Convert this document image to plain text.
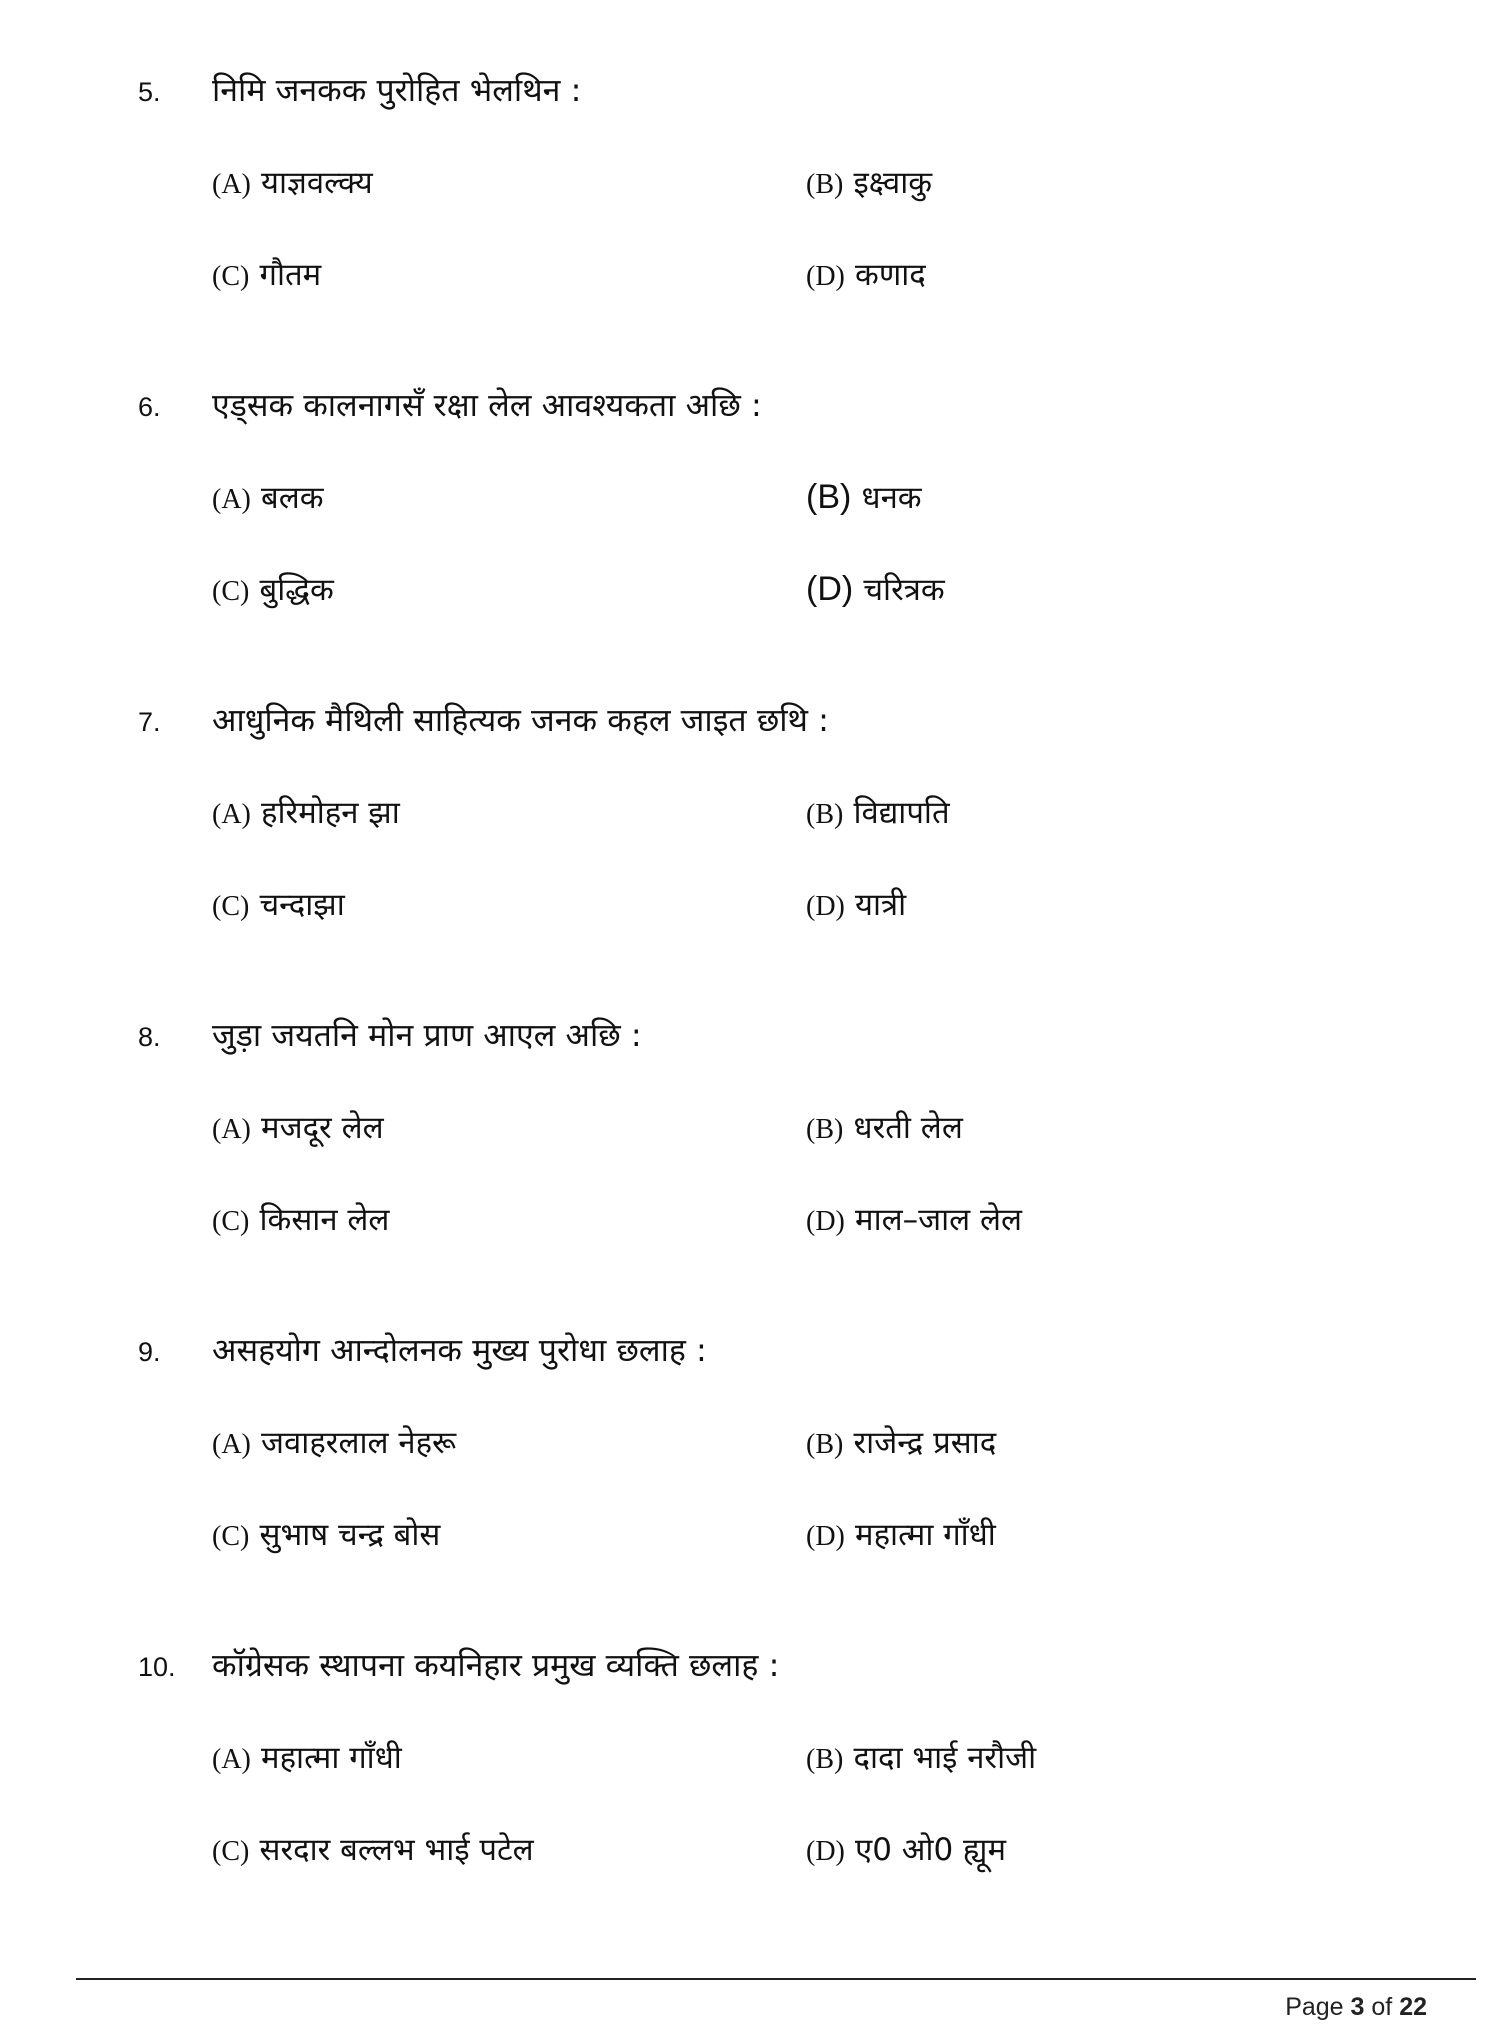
5. निमि जनकक पुरोहित भेलथिन :
(A) याज्ञवल्क्य	(B) इक्ष्वाकु
(C) गौतम	(D) कणाद
6. एड्सक कालनागसँ रक्षा लेल आवश्यकता अछि :
(A) बलक	(B) धनक
(C) बुद्धिक	(D) चरित्रक
7. आधुनिक मैथिली साहित्यक जनक कहल जाइत छथि :
(A) हरिमोहन झा	(B) विद्यापति
(C) चन्दाझा	(D) यात्री
8. जुड़ा जयतनि मोन प्राण आएल अछि :
(A) मजदूर लेल	(B) धरती लेल
(C) किसान लेल	(D) माल–जाल लेल
9. असहयोग आन्दोलनक मुख्य पुरोधा छलाह :
(A) जवाहरलाल नेहरू	(B) राजेन्द्र प्रसाद
(C) सुभाष चन्द्र बोस	(D) महात्मा गाँधी
10. कॉग्रेसक स्थापना कयनिहार प्रमुख व्यक्ति छलाह :
(A) महात्मा गाँधी	(B) दादा भाई नरौजी
(C) सरदार बल्लभ भाई पटेल	(D) ए0 ओ0 ह्यूम
Page 3 of 22
